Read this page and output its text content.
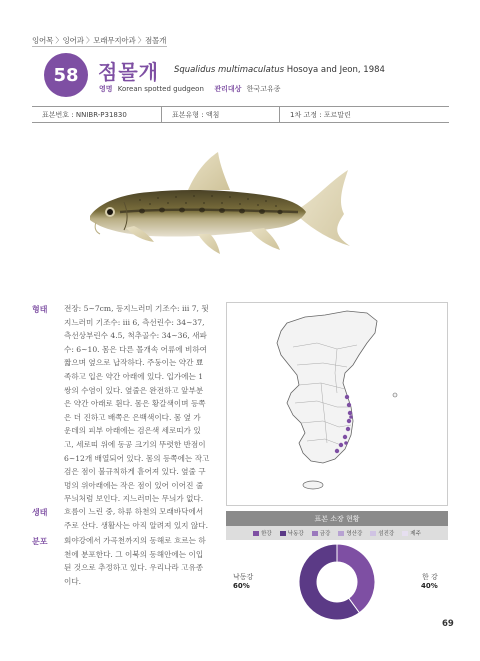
잉어목 〉잉어과 〉모래무지아과 〉점몰개
58 점몰개 Squalidus multimaculatus Hosoya and Jeon, 1984
영명 Korean spotted gudgeon 관리대상 한국고유종
표본번호 : NNIBR-P31830	표본유형 : 액침	1차 고정 : 포르말린
형태 전장: 5~7cm, 등지느러미 기조수: iii 7, 뒷
지느러미 기조수: iii 6, 측선린수: 34~37,
측선상부린수 4.5, 척추골수: 34~36, 새파
수: 6~10. 몸은 다른 몰개속 어류에 비하여
짧으며 옆으로 납작하다. 주둥이는 약간 뾰
족하고 입은 약간 아래에 있다. 입가에는 1
쌍의 수염이 있다. 옆줄은 완전하고 앞부분
은 약간 아래로 휜다. 몸은 황갈색이며 등쪽
은 더 진하고 배쪽은 은백색이다. 몸 옆 가
운데의 피부 아래에는 검은색 세로띠가 있
고, 세로띠 위에 동공 크기의 뚜렷한 반점이
6~12개 배열되어 있다. 몸의 등쪽에는 작고
검은 점이 불규칙하게 흩어져 있다. 옆줄 구
멍의 위아래에는 작은 점이 있어 이어진 줄
무늬처럼 보인다. 지느러미는 무늬가 없다.
생태 흐름이 느린 중, 하류 하천의 모래바닥에서
주로 산다. 생활사는 아직 알려져 있지 않다.
분포 회야강에서 가곡천까지의 동해로 흐르는 하
천에 분포한다. 그 이북의 동해안에는 이입
된 것으로 추정하고 있다. 우리나라 고유종
이다.
표본 소장 현황
한강	낙동강	금강	영산강	섬진강	제주
낙동강
60%
한 강
40%
69
